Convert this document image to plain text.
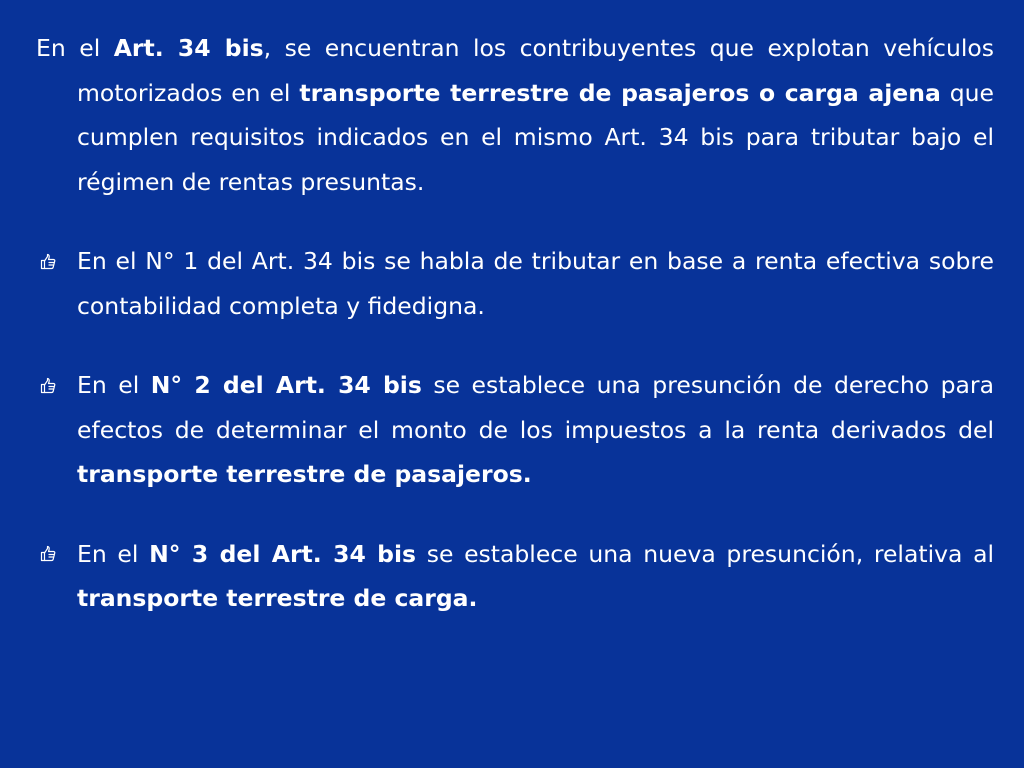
En el Art. 34 bis, se encuentran los contribuyentes que explotan vehículos motorizados en el transporte terrestre de pasajeros o carga ajena que cumplen requisitos indicados en el mismo Art. 34 bis para tributar bajo el régimen de rentas presuntas.

En el N° 1 del Art. 34 bis se habla de tributar en base a renta efectiva sobre contabilidad completa y fidedigna.

En el N° 2 del Art. 34 bis se establece una presunción de derecho para efectos de determinar el monto de los impuestos a la renta derivados del transporte terrestre de pasajeros.

En el N° 3 del Art. 34 bis se establece una nueva presunción, relativa al transporte terrestre de carga.
